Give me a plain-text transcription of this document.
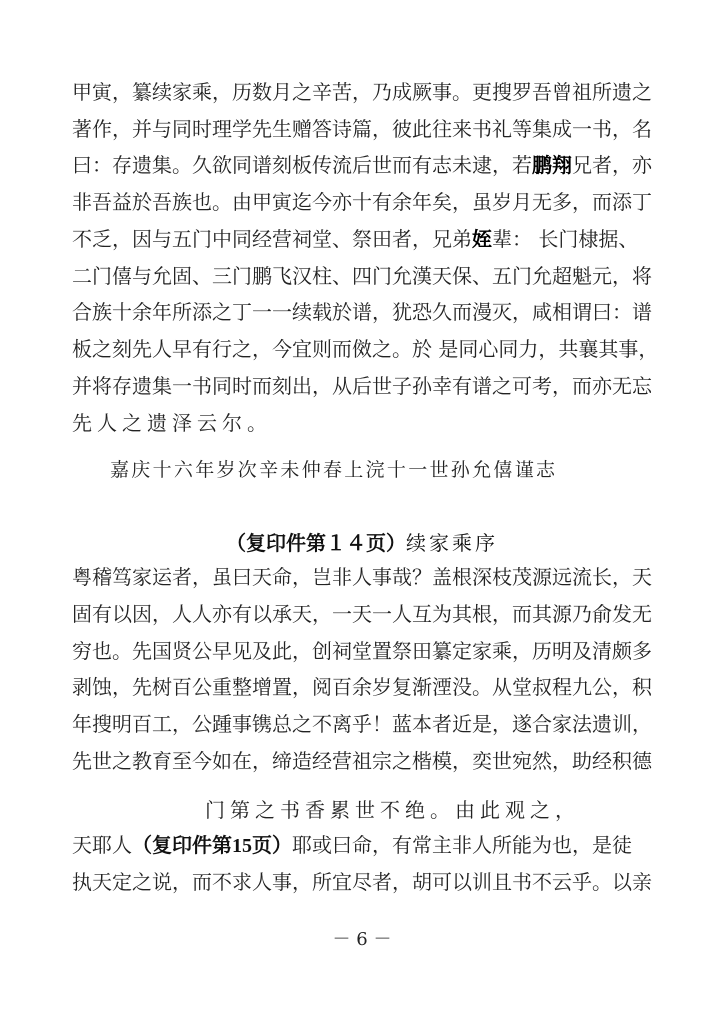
甲寅，纂续家乘，历数月之辛苦，乃成厥事。更搜罗吾曾祖所遗之
著作，并与同时理学先生赠答诗篇，彼此往来书礼等集成一书，名
曰：存遗集。久欲同谱刻板传流后世而有志未逮，若鹏翔兄者，亦
非吾益於吾族也。由甲寅迄今亦十有余年矣，虽岁月无多，而添丁
不乏，因与五门中同经营祠堂、祭田者，兄弟姪辈： 长门棣据、
二门僖与允固、三门鹏飞汉柱、四门允漢天保、五门允超魁元，将
合族十余年所添之丁一一续载於谱，犹恐久而漫灭，咸相谓曰：谱
板之刻先人早有行之，今宜则而傚之。於 是同心同力，共襄其事，
并将存遗集一书同时而刻出，从后世子孙幸有谱之可考，而亦无忘
先人之遗泽云尔。
嘉庆十六年岁次辛未仲春上浣十一世孙允僖谨志
（复印件第１４页）续家乘序
粤稽笃家运者，虽曰天命，岂非人事哉？盖根深枝茂源远流长，天
固有以因，人人亦有以承天，一天一人互为其根，而其源乃俞发无
穷也。先国贤公早见及此，创祠堂置祭田纂定家乘，历明及清颇多
剥蚀，先树百公重整增置，阅百余岁复渐湮没。从堂叔程九公，积
年搜明百工，公踵事镌总之不离乎！蓝本者近是，遂合家法遗训，
先世之教育至今如在，缔造经营祖宗之楷模，奕世宛然，助经积德
门第之书香累世不绝。由此观之，
天耶人（复印件第15页）耶或曰命，有常主非人所能为也，是徒
执天定之说，而不求人事，所宜尽者，胡可以训且书不云乎。以亲
－ 6 －
